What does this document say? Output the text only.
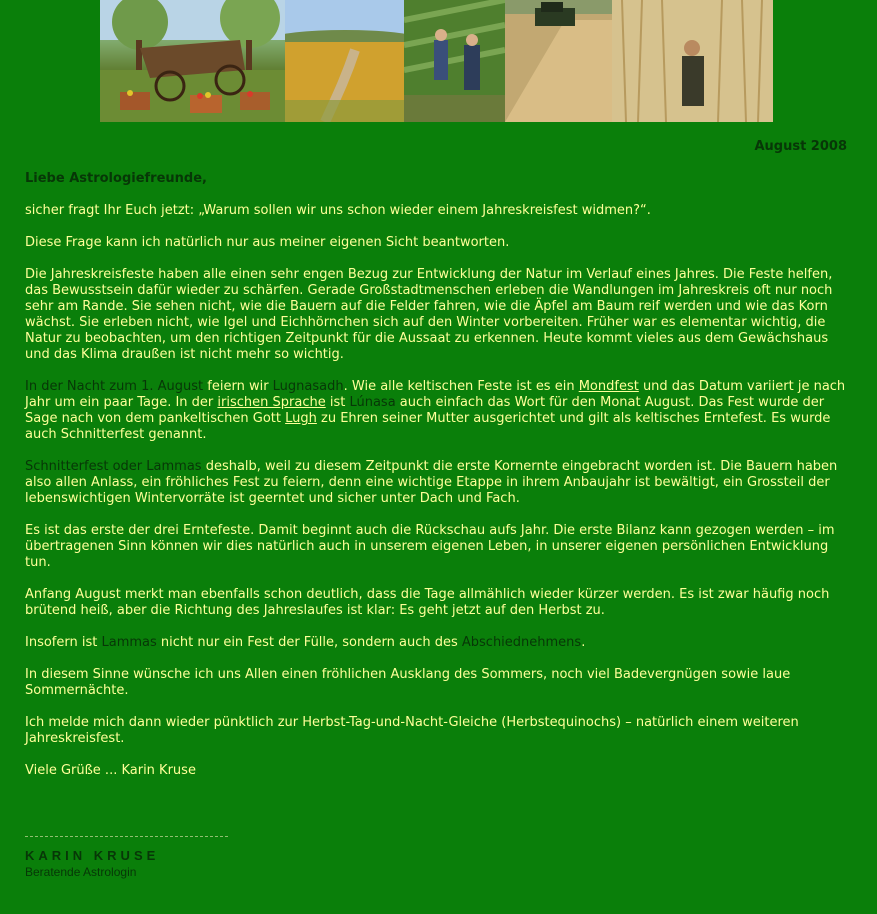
August 2008

Liebe Astrologiefreunde,

sicher fragt Ihr Euch jetzt: „Warum sollen wir uns schon wieder einem Jahreskreisfest widmen?“.

Diese Frage kann ich natürlich nur aus meiner eigenen Sicht beantworten.

Die Jahreskreisfeste haben alle einen sehr engen Bezug zur Entwicklung der Natur im Verlauf eines Jahres. Die Feste helfen, das Bewusstsein dafür wieder zu schärfen. Gerade Großstadtmenschen erleben die Wandlungen im Jahreskreis oft nur noch sehr am Rande. Sie sehen nicht, wie die Bauern auf die Felder fahren, wie die Äpfel am Baum reif werden und wie das Korn wächst. Sie erleben nicht, wie Igel und Eichhörnchen sich auf den Winter vorbereiten. Früher war es elementar wichtig, die Natur zu beobachten, um den richtigen Zeitpunkt für die Aussaat zu erkennen. Heute kommt vieles aus dem Gewächshaus und das Klima draußen ist nicht mehr so wichtig.

In der Nacht zum 1. August feiern wir Lugnasadh. Wie alle keltischen Feste ist es ein Mondfest und das Datum variiert je nach Jahr um ein paar Tage. In der irischen Sprache ist Lúnasa auch einfach das Wort für den Monat August. Das Fest wurde der Sage nach von dem pankeltischen Gott Lugh zu Ehren seiner Mutter ausgerichtet und gilt als keltisches Erntefest. Es wurde auch Schnitterfest genannt.

Schnitterfest oder Lammas deshalb, weil zu diesem Zeitpunkt die erste Kornernte eingebracht worden ist. Die Bauern haben also allen Anlass, ein fröhliches Fest zu feiern, denn eine wichtige Etappe in ihrem Anbaujahr ist bewältigt, ein Grossteil der lebenswichtigen Wintervorräte ist geerntet und sicher unter Dach und Fach.

Es ist das erste der drei Erntefeste. Damit beginnt auch die Rückschau aufs Jahr. Die erste Bilanz kann gezogen werden – im übertragenen Sinn können wir dies natürlich auch in unserem eigenen Leben, in unserer eigenen persönlichen Entwicklung tun.

Anfang August merkt man ebenfalls schon deutlich, dass die Tage allmählich wieder kürzer werden. Es ist zwar häufig noch brütend heiß, aber die Richtung des Jahreslaufes ist klar: Es geht jetzt auf den Herbst zu.

Insofern ist Lammas nicht nur ein Fest der Fülle, sondern auch des Abschiednehmens.

In diesem Sinne wünsche ich uns Allen einen fröhlichen Ausklang des Sommers, noch viel Badevergnügen sowie laue Sommernächte.

Ich melde mich dann wieder pünktlich zur Herbst-Tag-und-Nacht-Gleiche (Herbstequinochs) – natürlich einem weiteren Jahreskreisfest.

Viele Grüße ... Karin Kruse

KARIN KRUSE
Beratende Astrologin
